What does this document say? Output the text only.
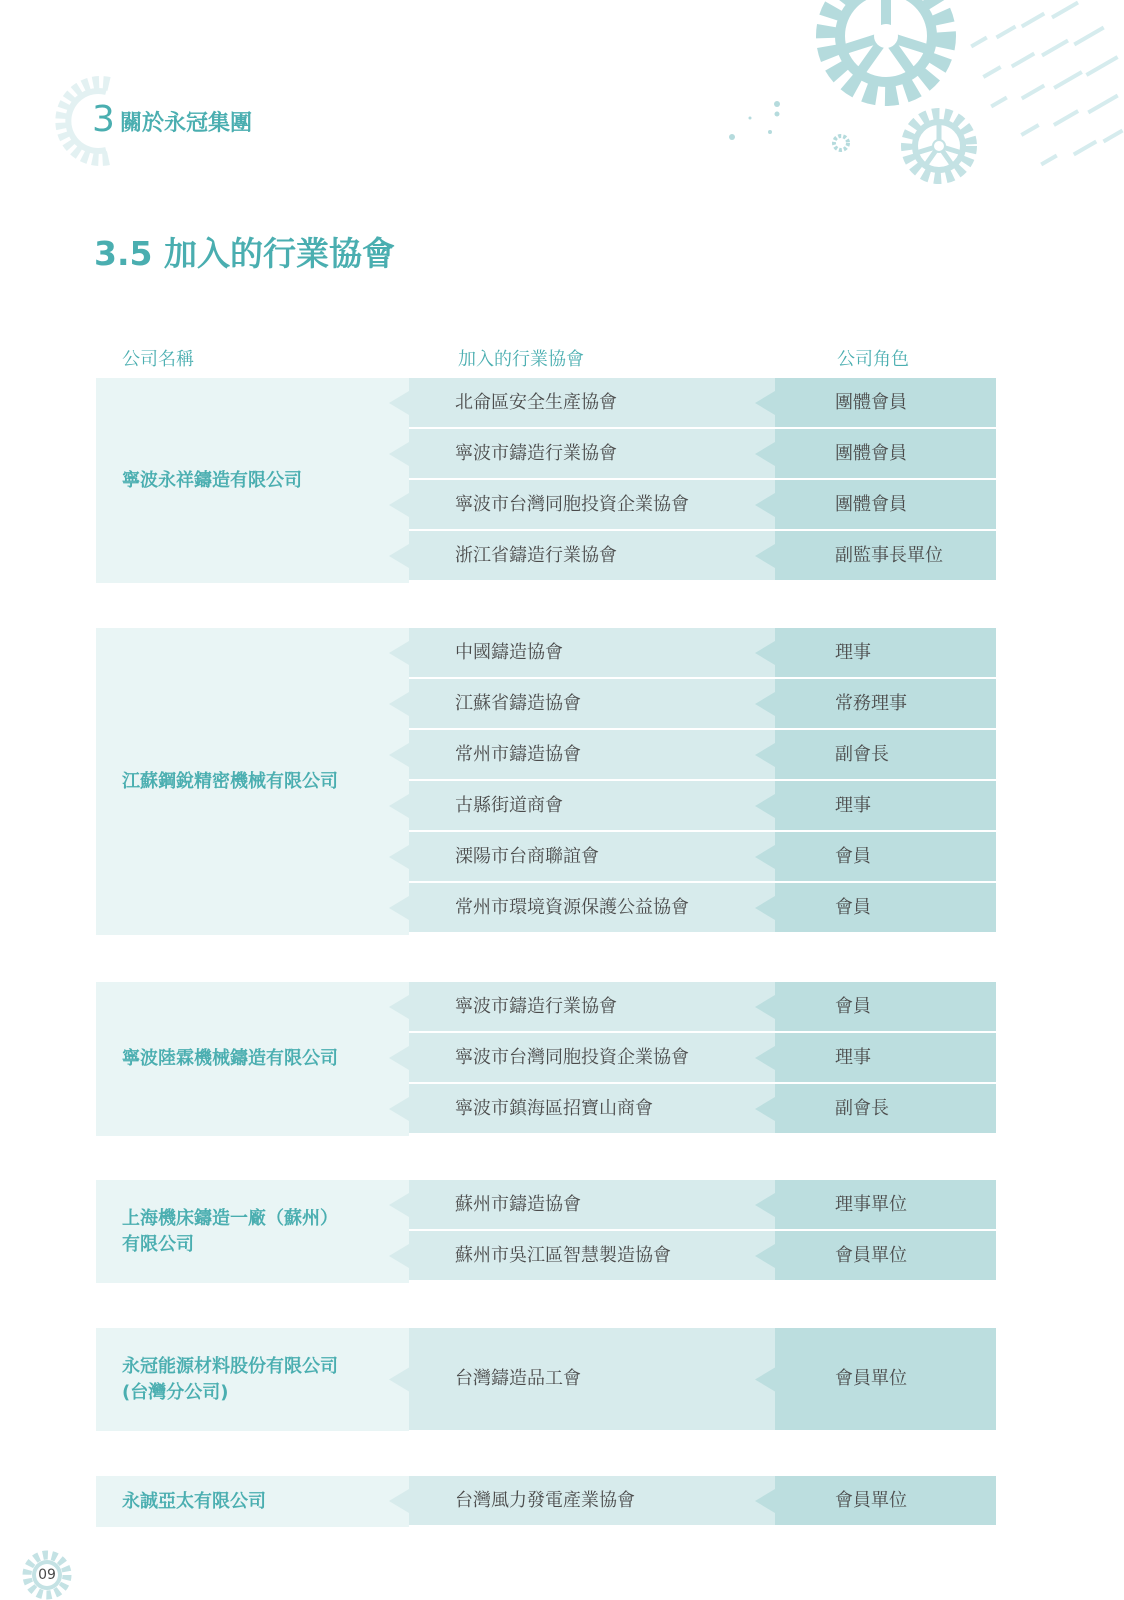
3 關於永冠集團
3.5 加入的行業協會
公司名稱	加入的行業協會	公司角色
寧波永祥鑄造有限公司
北侖區安全生產協會	團體會員
寧波市鑄造行業協會	團體會員
寧波市台灣同胞投資企業協會	團體會員
浙江省鑄造行業協會	副監事長單位
江蘇鋼銳精密機械有限公司
中國鑄造協會	理事
江蘇省鑄造協會	常務理事
常州市鑄造協會	副會長
古縣街道商會	理事
溧陽市台商聯誼會	會員
常州市環境資源保護公益協會	會員
寧波陸霖機械鑄造有限公司
寧波市鑄造行業協會	會員
寧波市台灣同胞投資企業協會	理事
寧波市鎮海區招寶山商會	副會長
上海機床鑄造一廠（蘇州）
有限公司
蘇州市鑄造協會	理事單位
蘇州市吳江區智慧製造協會	會員單位
永冠能源材料股份有限公司
(台灣分公司)
台灣鑄造品工會	會員單位
永誠亞太有限公司	台灣風力發電產業協會	會員單位
09
